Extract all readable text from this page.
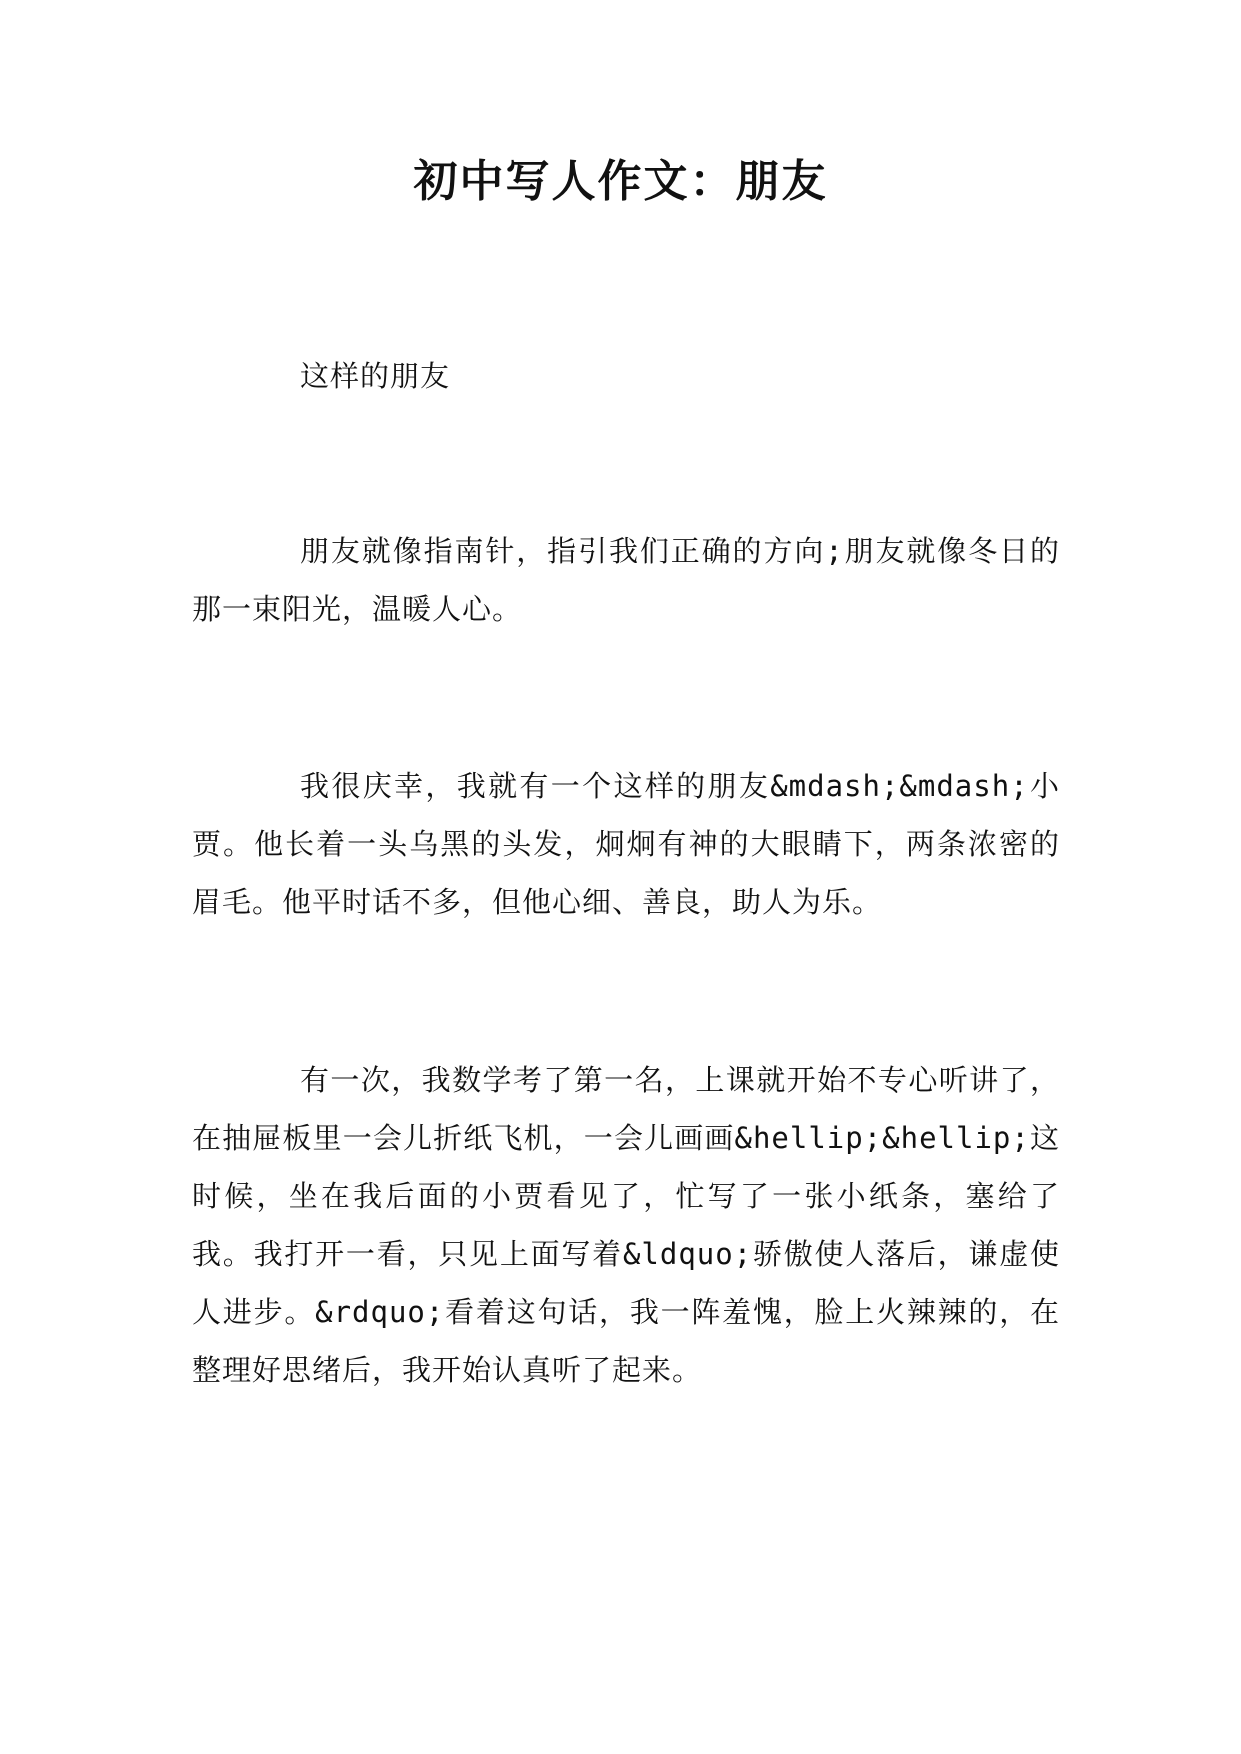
初中写人作文：朋友
这样的朋友
朋友就像指南针，指引我们正确的方向;朋友就像冬日的那一束阳光，温暖人心。
我很庆幸，我就有一个这样的朋友&mdash;&mdash;小贾。他长着一头乌黑的头发，炯炯有神的大眼睛下，两条浓密的眉毛。他平时话不多，但他心细、善良，助人为乐。
有一次，我数学考了第一名，上课就开始不专心听讲了，在抽屉板里一会儿折纸飞机，一会儿画画&hellip;&hellip;这时候，坐在我后面的小贾看见了，忙写了一张小纸条，塞给了我。我打开一看，只见上面写着&ldquo;骄傲使人落后，谦虚使人进步。&rdquo;看着这句话，我一阵羞愧，脸上火辣辣的，在整理好思绪后，我开始认真听了起来。
